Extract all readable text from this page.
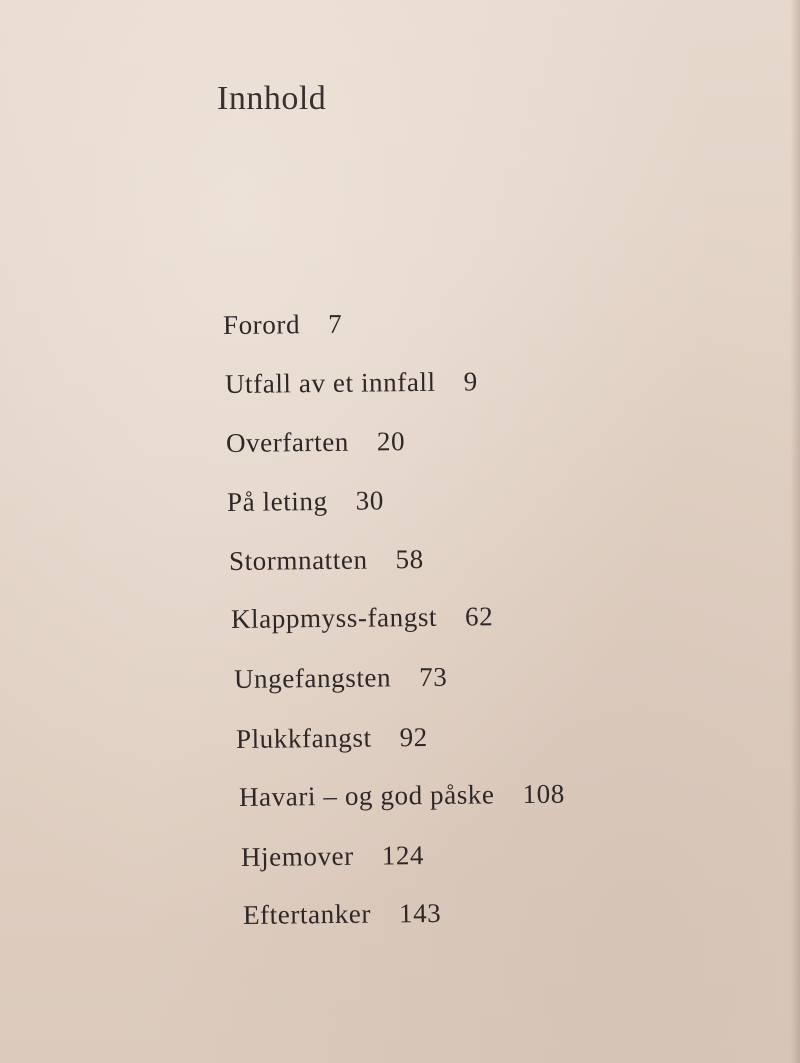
Innhold
Forord 7
Utfall av et innfall 9
Overfarten 20
På leting 30
Stormnatten 58
Klappmyss-fangst 62
Ungefangsten 73
Plukkfangst 92
Havari – og god påske 108
Hjemover 124
Eftertanker 143
